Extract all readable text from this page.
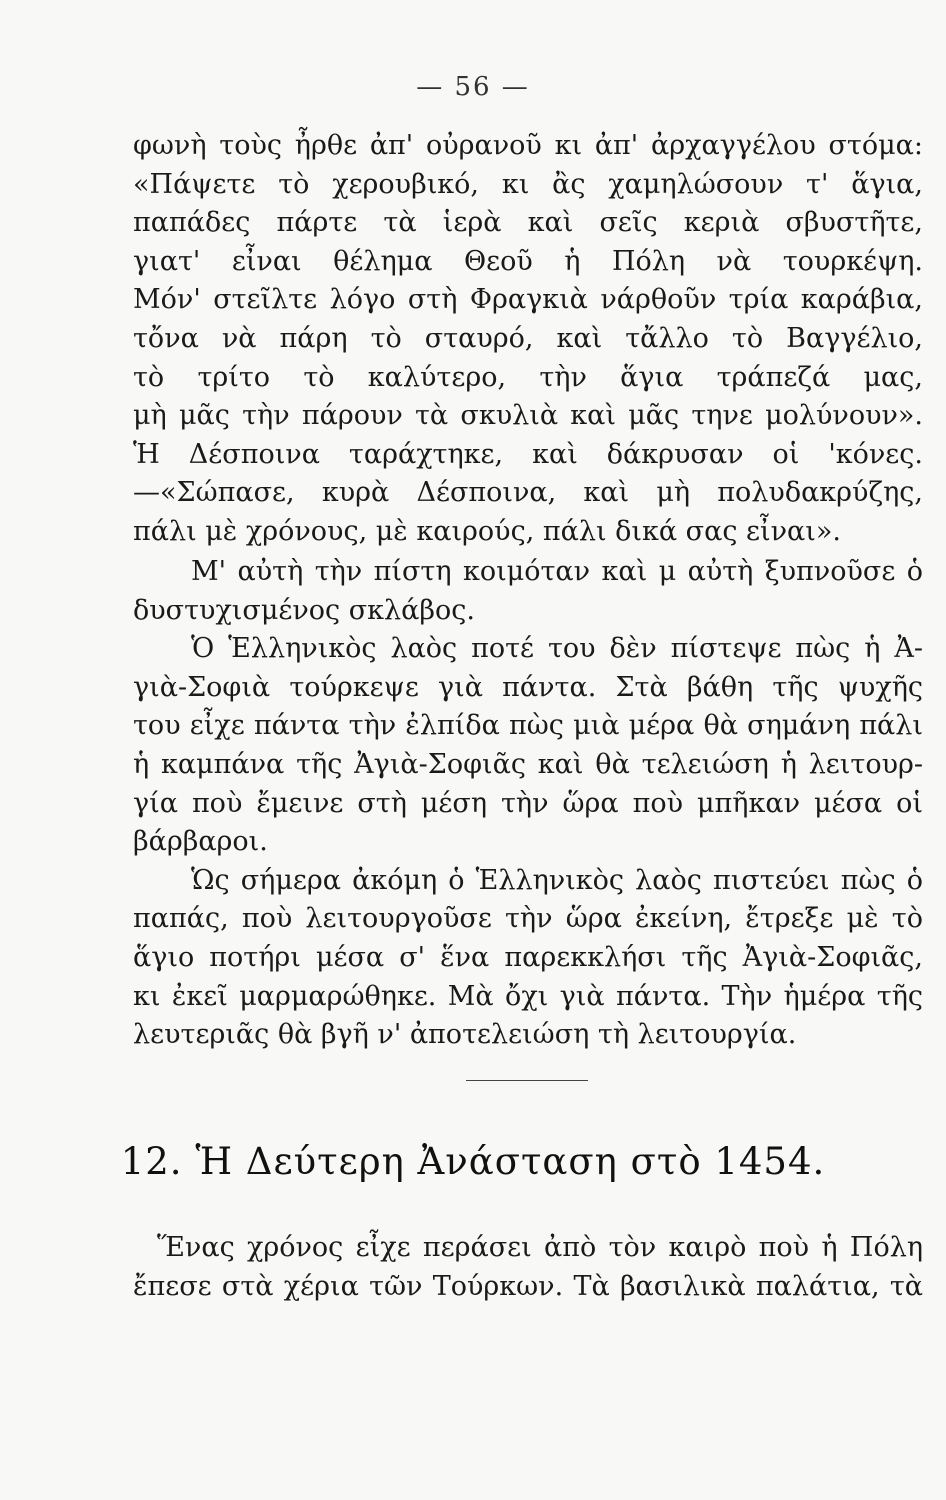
— 56 —
φωνὴ τοὺς ἦρθε ἀπ' οὐρανοῦ κι ἀπ' ἀρχαγγέλου στόμα:
«Πάψετε τὸ χερουβικό, κι ἂς χαμηλώσουν τ' ἅγια,
παπάδες πάρτε τὰ ἱερὰ καὶ σεῖς κεριὰ σβυστῆτε,
γιατ' εἶναι θέλημα Θεοῦ ἡ Πόλη νὰ τουρκέψη.
Μόν' στεῖλτε λόγο στὴ Φραγκιὰ νάρθοῦν τρία καράβια,
τὄνα νὰ πάρη τὸ σταυρό, καὶ τἄλλο τὸ Βαγγέλιο,
τὸ τρίτο τὸ καλύτερο, τὴν ἅγια τράπεζά μας,
μὴ μᾶς τὴν πάρουν τὰ σκυλιὰ καὶ μᾶς τηνε μολύνουν».
Ἡ Δέσποινα ταράχτηκε, καὶ δάκρυσαν οἱ 'κόνες.
—«Σώπασε, κυρὰ Δέσποινα, καὶ μὴ πολυδακρύζης,
πάλι μὲ χρόνους, μὲ καιρούς, πάλι δικά σας εἶναι».
Μ' αὐτὴ τὴν πίστη κοιμόταν καὶ μ αὐτὴ ξυπνοῦσε ὁ
δυστυχισμένος σκλάβος.
Ὁ Ἑλληνικὸς λαὸς ποτέ του δὲν πίστεψε πὼς ἡ Ἀ-
γιὰ-Σοφιὰ τούρκεψε γιὰ πάντα. Στὰ βάθη τῆς ψυχῆς
του εἶχε πάντα τὴν ἐλπίδα πὼς μιὰ μέρα θὰ σημάνη πάλι
ἡ καμπάνα τῆς Ἀγιὰ-Σοφιᾶς καὶ θὰ τελειώση ἡ λειτουρ-
γία ποὺ ἔμεινε στὴ μέση τὴν ὥρα ποὺ μπῆκαν μέσα οἱ
βάρβαροι.
Ὡς σήμερα ἀκόμη ὁ Ἑλληνικὸς λαὸς πιστεύει πὼς ὁ
παπάς, ποὺ λειτουργοῦσε τὴν ὥρα ἐκείνη, ἔτρεξε μὲ τὸ
ἅγιο ποτήρι μέσα σ' ἕνα παρεκκλήσι τῆς Ἀγιὰ-Σοφιᾶς,
κι ἐκεῖ μαρμαρώθηκε. Μὰ ὄχι γιὰ πάντα. Τὴν ἡμέρα τῆς
λευτεριᾶς θὰ βγῆ ν' ἀποτελειώση τὴ λειτουργία.
12. Ἡ Δεύτερη Ἀνάσταση στὸ 1454.
Ἕνας χρόνος εἶχε περάσει ἀπὸ τὸν καιρὸ ποὺ ἡ Πόλη
ἔπεσε στὰ χέρια τῶν Τούρκων. Τὰ βασιλικὰ παλάτια, τὰ
